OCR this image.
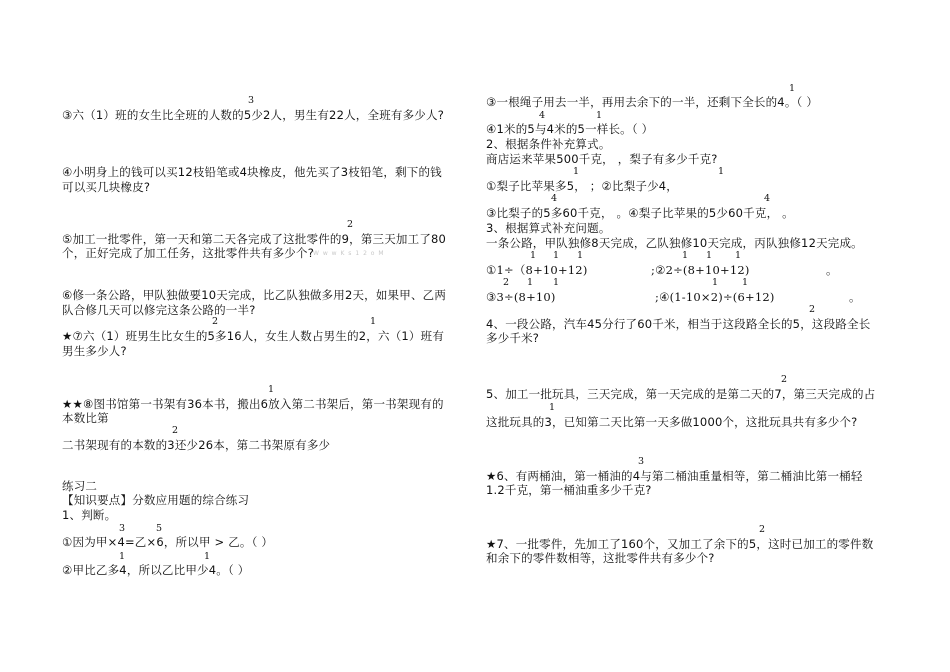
3
③六（1）班的女生比全班的人数的5少2人，男生有22人，全班有多少人?
④小明身上的钱可以买12枝铅笔或4块橡皮，他先买了3枝铅笔，剩下的钱
可以买几块橡皮?
2
⑤加工一批零件，第一天和第二天各完成了这批零件的9，第三天加工了80
个，正好完成了加工任务，这批零件共有多少个?
W w w K s 1 2 o M
⑥修一条公路，甲队独做要10天完成，比乙队独做多用2天，如果甲、乙两
队合修几天可以修完这条公路的一半?
2	1
★⑦六（1）班男生比女生的5多16人，女生人数占男生的2，六（1）班有
男生多少人?
1
★★⑧图书馆第一书架有36本书，搬出6放入第二书架后，第一书架现有的
本数比第
2
二书架现有的本数的3还少26本，第二书架原有多少
练习二
【知识要点】分数应用题的综合练习
1、判断。
3	5
①因为甲×4=乙×6，所以甲 > 乙。（ ）
1	1
②甲比乙多4，所以乙比甲少4。（ ）
1
③一根绳子用去一半，再用去余下的一半，还剩下全长的4。（ ）
4	1
④1米的5与4米的5一样长。（ ）
2、根据条件补充算式。
商店运来苹果500千克， ，梨子有多少千克?
1	1
①梨子比苹果多5， ；②比梨子少4，
4	4
③比梨子的5多60千克， 。④梨子比苹果的5少60千克， 。
3、根据算式补充问题。
一条公路，甲队独修8天完成，乙队独修10天完成，丙队独修12天完成。
1 1 1	1 1 1
①1÷（8+10+12)	;②2÷(8+10+12)	。
2 1 1	1	1
③3÷(8+10)	;④(1-10×2)÷(6+12)	。
2
4、一段公路，汽车45分行了60千米，相当于这段路全长的5，这段路全长
多少千米?
2
5、加工一批玩具，三天完成，第一天完成的是第二天的7，第三天完成的占
1
这批玩具的3，已知第二天比第一天多做1000个，这批玩具共有多少个?
3
★6、有两桶油，第一桶油的4与第二桶油重量相等，第二桶油比第一桶轻
1.2千克，第一桶油重多少千克?
2
★7、一批零件，先加工了160个，又加工了余下的5，这时已加工的零件数
和余下的零件数相等，这批零件共有多少个?
